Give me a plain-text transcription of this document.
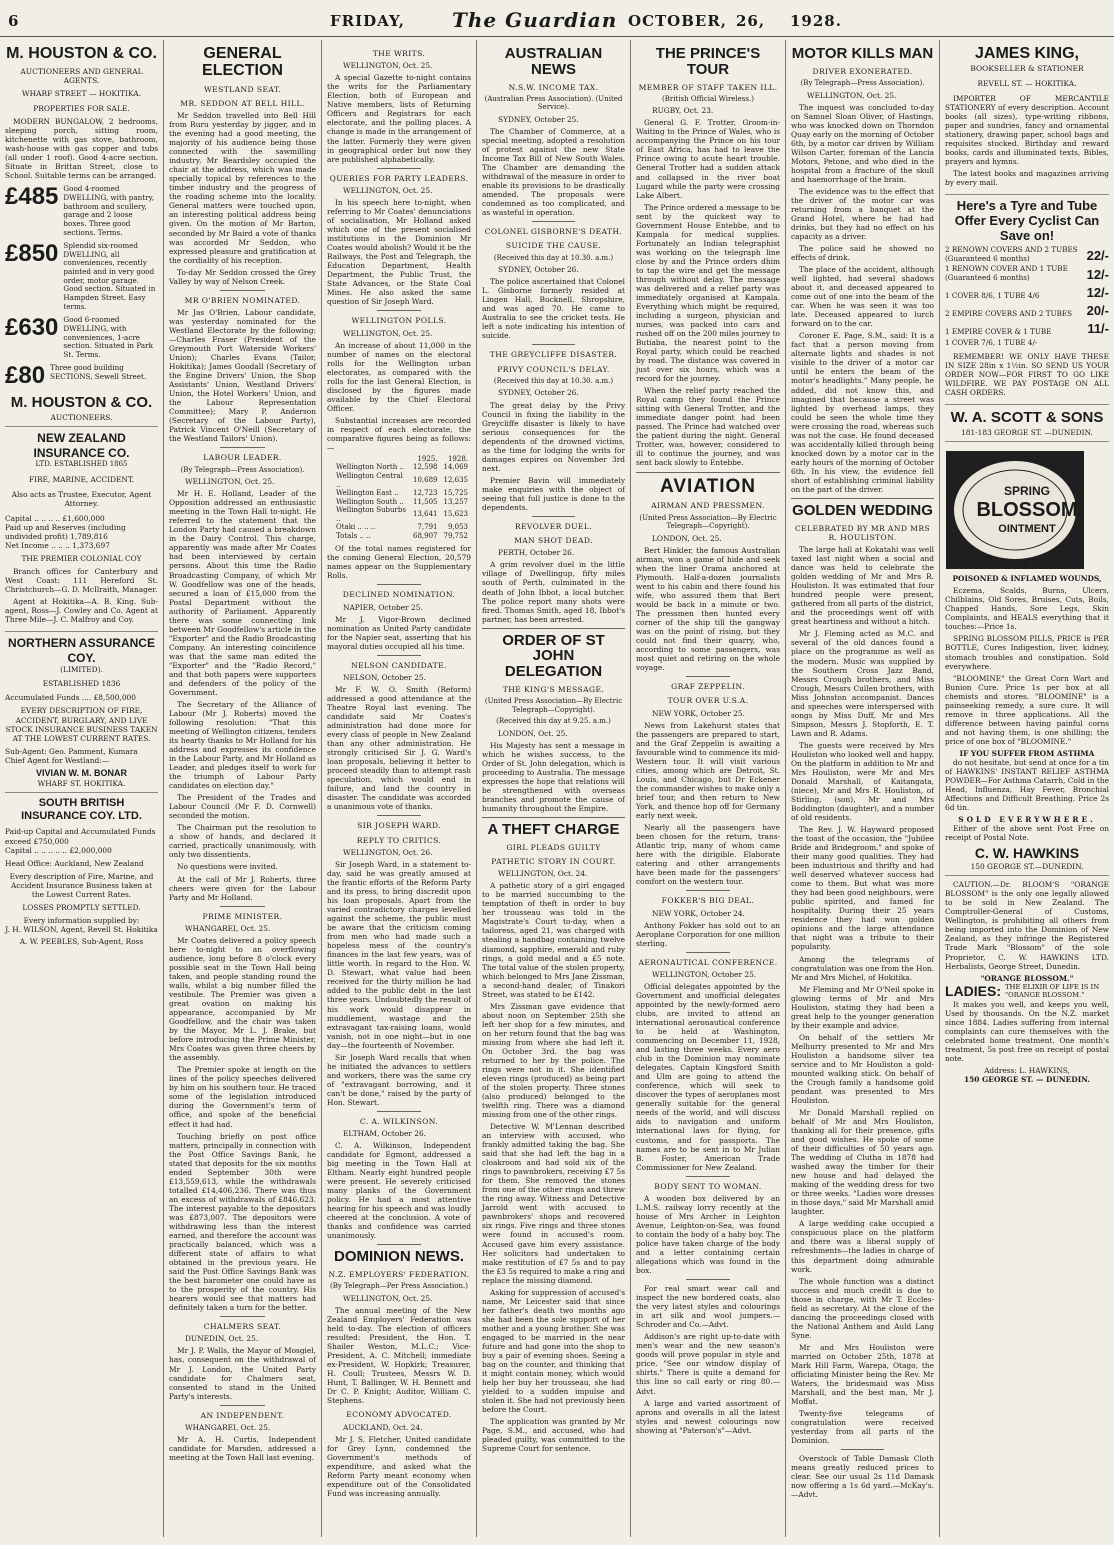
6	FRIDAY, The Guardian OCTOBER, 26, 1928.
M. HOUSTON & CO.
AUCTIONEERS AND GENERAL AGENTS.
WHARF STREET — HOKITIKA.
PROPERTIES FOR SALE.

MODERN BUNGALOW, 2 bedrooms, sleeping porch, sitting room, kitchenette with gas stove, bathroom, wash-house with gas copper and tubs (all under 1 roof). Good 4-acre section. Situate in Brittan Street, close to School. Suitable terms can be arranged.

£485 Good 4-roomed DWELLING, with pantry, bathroom and scullery, garage and 2 loose boxes. Three good sections. Terms.
£850 Splendid six-roomed DWELLING, all conveniences, recently painted and in very good order, motor garage. Good section. Situated in Hampden Street. Easy terms.
£630 Good 6-roomed DWELLING, with conveniences, 1-acre section. Situated in Park St. Terms.
£80 Three good building SECTIONS, Sewell Street.
M. HOUSTON & CO.
AUCTIONEERS.
NEW ZEALAND INSURANCE CO.
LTD. ESTABLISHED 1865
FIRE, MARINE, ACCIDENT.
Also acts as Trustee, Executor, Agent Attorney.
Capital .. .. .. .. £1,600,000
Paid up and Reserves (including undivided profit) 1,789,816
Net Income .. .. .. 1,373,697
THE PREMIER COLONIAL COY

Branch offices for Canterbury and West Coast: 111 Hereford St. Christchurch—G. D. McIlraith, Manager.

Agent at Hokitika—A. B. King. Sub-agent, Ross—J. Cowley and Co. Agent at Three Mile—J. C. Malfroy and Coy.

NORTHERN ASSURANCE COY.
(LIMITED).
ESTABLISHED 1836
Accumulated Funds .... £8,500,000
EVERY DESCRIPTION OF FIRE, ACCIDENT, BURGLARY, AND LIVE STOCK INSURANCE BUSINESS TAKEN AT THE LOWEST CURRENT RATES.
Sub-Agent: Geo. Pamment, Kumara
Chief Agent for Westland:—
VIVIAN W. M. BONAR
WHARF ST. HOKITIKA.
SOUTH BRITISH INSURANCE COY. LTD.
Paid-up Capital and Accumulated Funds exceed £750,000
Capital .. .. .. .. .. £2,000,000
Head Office: Auckland, New Zealand
Every description of Fire, Marine, and Accident Insurance Business taken at the Lowest Current Rates.
LOSSES PROMPTLY SETTLED.
Every information supplied by:
J. H. WILSON, Agent, Revell St. Hokitika
A. W. PEEBLES, Sub-Agent, Ross
GENERAL ELECTION
WESTLAND SEAT.
MR. SEDDON AT BELL HILL.

Mr Seddon travelled into Bell Hill from Ruru yesterday by jigger, and in the evening had a good meeting, the majority of his audience being those connected with the sawmilling industry. Mr Beardsley occupied the chair at the address, which was made specially topical by references to the timber industry and the progress of the roading scheme into the locality. General matters were touched upon, an interesting political address being given. On the motion of Mr Barton, seconded by Mr Baird a vote of thanks was accorded Mr Seddon, who expressed pleasure and gratification at the cordiality of his reception.

To-day Mr Seddon crossed the Grey Valley by way of Nelson Creek.

MR O'BRIEN NOMINATED.

Mr Jas O'Brien, Labour candidate, was yesterday nominated for the Westland Electorate by the following:—Charles Fraser (President of the Greymouth Port Waterside Workers' Union); Charles Evans (Tailor, Hokitika); James Goodall (Secretary of the Engine Drivers' Union, the Shop Assistants' Union, Westland Drivers' Union, the Hotel Workers' Union, and the Labour Representation Committee); Mary P. Anderson (Secretary of the Labour Party), Patrick Vincent O'Neill (Secretary of the Westland Tailors' Union).

LABOUR LEADER.
(By Telegraph—Press Association).

WELLINGTON, Oct. 25.

Mr H. E. Holland, Leader of the Opposition addressed an enthusiastic meeting in the Town Hall to-night. He referred to the statement that the London Party had caused a breakdown in the Dairy Control. This charge, apparently was made after Mr Coates had been interviewed by certain persons. About this time the Radio Broadcasting Company, of which Mr W. Goodfellow was one of the heads, secured a loan of £15,000 from the Postal Department without the authority of Parliament. Apparently there was some connecting link between Mr Goodfellow's article in the "Exporter" and the Radio Broadcasting Company. An interesting coincidence was that the same man edited the "Exporter" and the "Radio Record," and that both papers were supporters and defenders of the policy of the Government.

The Secretary of the Alliance of Labour (Mr J. Roberts) moved the following resolution: "That this meeting of Wellington citizens, tenders its hearty thanks to Mr Holland for his address and expresses its confidence in the Labour Party, and Mr Holland as Leader, and pledges itself to work for the triumph of Labour Party candidates on election day."

The President of the Trades and Labour Council (Mr F. D. Cornwell) seconded the motion.

The Chairman put the resolution to a show of hands, and declared it carried, practically unanimously, with only two dissentients.

No questions were invited.

At the call of Mr J. Roberts, three cheers were given for the Labour Party and Mr Holland.

PRIME MINISTER.

WHANGAREI, Oct. 25.

Mr Coates delivered a policy speech here to-night to an overflowing audience, long before 8 o'clock every possible seat in the Town Hall being taken, and people standing round the walls, whilst a big number filled the vestibule. The Premier was given a great ovation on making his appearance, accompanied by Mr Goodfellow, and the chair was taken by the Mayor, Mr L. J. Brake, but before introducing the Prime Minister, Mrs Coates was given three cheers by the assembly.

The Premier spoke at length on the lines of the policy speeches delivered by him on his southern tour. He traced some of the legislation introduced during the Government's term of office, and spoke of the beneficial effect it had had.

Touching briefly on post office matters, principally in connection with the Post Office Savings Bank, he stated that deposits for the six months ended September 30th were £13,559,613, while the withdrawals totalled £14,406,236. There was thus an excess of withdrawals of £846,623. The interest payable to the depositors was £873,007. The depositors were withdrawing less than the interest earned, and therefore the account was practically balanced, which was a different state of affairs to what obtained in the previous years. He said the Post Office Savings Bank was the best barometer one could have as to the prosperity of the country. His hearers would see that matters had definitely taken a turn for the better.

CHALMERS SEAT.

DUNEDIN, Oct. 25.

Mr J. P. Walls, the Mayor of Mosgiel, has, consequent on the withdrawal of Mr J. London, the United Party candidate for Chalmers seat, consented to stand in the United Party's interests.

AN INDEPENDENT.

WHANGAREI, Oct. 25.

Mr A. H. Curtis, Independent candidate for Marsden, addressed a meeting at the Town Hall last evening.

THE WRITS.

WELLINGTON, Oct. 25.

A special Gazette to-night contains the writs for the Parliamentary Election, both of European and Native members, lists of Returning Officers and Registrars for each electorate, and the polling places. A change is made in the arrangement of the latter. Formerly they were given in geographical order but now they are published alphabetically.

QUERIES FOR PARTY LEADERS.

WELLINGTON, Oct. 25.

In his speech here to-night, when referring to Mr Coates' denunciations of socialisation, Mr Holland asked which one of the present socialised institutions in the Dominion Mr Coates would abolish? Would it be the Railways, the Post and Telegraph, the Education Department, Health Department, the Public Trust, the State Advances, or the State Coal Mines. He also asked the same question of Sir Joseph Ward.

WELLINGTON POLLS.

WELLINGTON, Oct. 25.

An increase of about 11,000 in the number of names on the electoral rolls for the Wellington urban electorates, as compared with the rolls for the last General Election, is disclosed by the figures made available by the Chief Electoral Officer.

Substantial increases are recorded in respect of each electorate, the comparative figures being as follows:—

	1925.	1928.
Wellington North ..	12,598	14,069
Wellington Central ..	10,689	12,635
Wellington East ..	12,723	15,725
Wellington South ..	11,505	13,257
Wellington Suburbs ..	13,641	15,623
Otaki .. .. ..	7,791	9,053
Totals .. ..	68,907	79,752

Of the total names registered for the coming General Election, 20,579 names appear on the Supplementary Rolls.

DECLINED NOMINATION.

NAPIER, October 25.

Mr J. Vigor-Brown declined nomination as United Party candidate for the Napier seat, asserting that his mayoral duties occupied all his time.

NELSON CANDIDATE.

NELSON, October 25.

Mr F. W. O. Smith (Reform) addressed a good attendance at the Theatre Royal last evening. The candidate said Mr Coates's administration had done more for every class of people in New Zealand than any other administration. He strongly criticised Sir J. G. Ward's loan proposals, believing it better to proceed steadily than to attempt rash speculation, which would end in failure, and land the country in disaster. The candidate was accorded a unanimous vote of thanks.

SIR JOSEPH WARD.
REPLY TO CRITICS.

WELLINGTON, Oct. 26.

Sir Joseph Ward, in a statement to-day, said he was greatly amused at the frantic efforts of the Reform Party and its press, to bring discredit upon his loan proposals. Apart from the varied contradictory charges levelled against the scheme, the public must be aware that the criticism coming from men who had made such a hopeless mess of the country's finances in the last few years, was of little worth. In regard to the Hon. W. D. Stewart, what value had been received for the thirty million he had added to the public debt in the last three years. Undoubtedly the result of his work would disappear in muddlement, wastage and the extravagant tax-raising loans, would vanish, not in one night—but in one day—the fourteenth of November.

Sir Joseph Ward recalls that when he initiated the advances to settlers and workers, there was the same cry of "extravagant borrowing, and it can't be done," raised by the party of Hon. Stewart.

C. A. WILKINSON.

ELTHAM, October 26.

C. A. Wilkinson, Independent candidate for Egmont, addressed a big meeting in the Town Hall at Eltham. Nearly eight hundred people were present. He severely criticised many planks of the Government policy. He had a most attentive hearing for his speech and was loudly cheered at the conclusion. A vote of thanks and confidence was carried unanimously.

DOMINION NEWS.
N.Z. EMPLOYERS' FEDERATION.
(By Telegraph—Per Press Association.)

WELLINGTON, Oct. 25.

The annual meeting of the New Zealand Employers' Federation was held to-day. The election of officers resulted: President, the Hon. T. Shailer Weston, M.L.C.; Vice-President, A. C. Mitchell; immediate ex-President, W. Hopkirk; Treasurer, H. Coull; Trustees, Messrs W. D. Hunt, T. Ballinger, W. H. Bennett and Dr C. P. Knight; Auditor, William C. Stephens.

ECONOMY ADVOCATED.

AUCKLAND, Oct. 24.

Mr J. S. Fletcher, United candidate for Grey Lynn, condemned the Government's methods of expenditure, and asked what the Reform Party meant economy when expenditure out of the Consolidated Fund was increasing annually.

AUSTRALIAN NEWS
N.S.W. INCOME TAX.
(Australian Press Association). (United Service).

SYDNEY, October 25.

The Chamber of Commerce, at a special meeting, adopted a resolution of protest against the new State Income Tax Bill of New South Wales. The Chamber are demanding the withdrawal of the measure in order to enable its provisions to be drastically amended. The proposals were condemned as too complicated, and as wasteful in operation.

COLONEL GISBORNE'S DEATH.
SUICIDE THE CAUSE.
(Received this day at 10.30. a.m.)

SYDNEY, October 26.

The police ascertained that Colonel L. Gisborne formerly resided at Lingen Hall, Bucknell, Shropshire, and was aged 70. He came to Australia to see the cricket tests. He left a note indicating his intention of suicide.

THE GREYCLIFFE DISASTER.
PRIVY COUNCIL'S DELAY.
(Received this day at 10.30. a.m.)

SYDNEY, October 26.

The great delay by the Privy Council in fixing the liability in the Greycliffe disaster is likely to have serious consequences for the dependents of the drowned victims, as the time for lodging the writs for damages expires on November 3rd next.

Premier Bavin will immediately make enquiries with the object of seeing that full justice is done to the dependents.

REVOLVER DUEL.
MAN SHOT DEAD.

PERTH, October 26.

A grim revolver duel in the little village of Dwellingup, fifty miles south of Perth, culminated in the death of John Ibbot, a local butcher. The police report many shots were fired. Thomas Smith, aged 18, Ibbot's partner, has been arrested.

ORDER OF ST JOHN DELEGATION
THE KING'S MESSAGE.
(United Press Association—By Electric Telegraph—Copyright).
(Received this day at 9.25. a.m.)

LONDON, Oct. 25.

His Majesty has sent a message in which he wishes success, to the Order of St. John delegation, which is proceeding to Australia. The message expresses the hope that relations will be strengthened with overseas branches and promote the cause of humanity throughout the Empire.

A THEFT CHARGE
GIRL PLEADS GUILTY
PATHETIC STORY IN COURT.

WELLINGTON, Oct. 24.

A pathetic story of a girl engaged to be married succumbing to the temptation of theft in order to buy her trousseau was told in the Magistrate's Court to-day, when a tailoress, aged 21, was charged with stealing a handbag containing twelve diamond, sapphire, emerald and ruby rings, a gold medal and a £5 note. The total value of the stolen property, which belonged to Mrs Jane Zissman, a second-hand dealer, of Tinakori Street, was stated to be £142.

Mrs Zissman gave evidence that about noon on September 25th she left her shop for a few minutes, and on her return found that the bag was missing from where she had left it. On October 3rd. the bag was returned to her by the police. The rings were not in it. She identified eleven rings (produced) as being part of the stolen property. Three stones (also produced) belonged to the twelfth ring. There was a diamond missing from one of the other rings.

Detective W. M'Lennan described an interview with accused, who frankly admitted taking the bag. She said that she had left the bag in a cloakroom and had sold six of the rings to pawnbrokers, receiving £7 5s for them. She removed the stones from one of the other rings and threw the ring away. Witness and Detective Jarrold went with accused to pawnbrokers' shops and recovered six rings. Five rings and three stones were found in accused's room. Accused gave him every assistance. Her solicitors had undertaken to make restitution of £7 5s and to pay the £3 5s required to make a ring and replace the missing diamond.

Asking for suppression of accused's name, Mr Leicester said that since her father's death two months ago she had been the sole support of her mother and a young brother. She was engaged to be married in the near future and had gone into the shop to buy a pair of evening shoes. Seeing a bag on the counter, and thinking that it might contain money, which would help her buy her trousseau, she had yielded to a sudden impulse and stolen it. She had not previously been before the Court.

The application was granted by Mr Page, S.M., and accused, who had pleaded guilty, was committed to the Supreme Court for sentence.

THE PRINCE'S TOUR
MEMBER OF STAFF TAKEN ILL.
(British Official Wireless.)

RUGBY, Oct. 23.

General G. F. Trotter, Groom-in-Waiting to the Prince of Wales, who is accompanying the Prince on his tour of East Africa, has had to leave the Prince owing to acute heart trouble. General Trotter had a sudden attack and collapsed in the river boat Lugard while the party were crossing Lake Albert.

The Prince ordered a message to be sent by the quickest way to Government House Entebbe, and to Kampala for medical supplies. Fortunately an Indian telegraphist was working on the telegraph line close by and the Prince orders dhim to tap the wire and get the message through without delay. The message was delivered and a relief party was immediately organised at Kampala. Everything which might be required, including a surgeon, physician and nurses, was packed into cars and rushed off on the 200 miles journey to Butiaba, the nearest point to the Royal party, which could be reached by road. The distance was covered in just over six hours, which was a record for the journey.

When the relief party reached the Royal camp they found the Prince sitting with General Trotter, and the immediate danger point had been passed. The Prince had watched over the patient during the night. General Trotter, was, however, considered to ill to continue the journey, and was sent back slowly to Entebbe.

AVIATION
AIRMAN AND PRESSMEN.
(United Press Association—By Electric Telegraph—Copyright).

LONDON, Oct. 25.

Bert Hinkler, the famous Australian airman, won a game of hide and seek when the liner Orama anchored at Plymouth. Half-a-dozen journalists went to his cabin and there found his wife, who assured them that Bert would be back in a minute or two. The pressmen then hunted every corner of the ship till the gangway was on the point of rising, but they could not find their quarry, who, according to some passengers, was most quiet and retiring on the whole voyage.

GRAF ZEPPELIN.
TOUR OVER U.S.A.

NEW YORK, October 25.

News from Lakehurst states that the passengers are prepared to start, and the Graf Zeppelin is awaiting a favourable wind to commence its mid-Western tour. It will visit various cities, among which are Detroit, St. Louis, and Chicago, but Dr Eckener the commander wishes to make only a brief tour, and then return to New York, and thence hop off for Germany early next week.

Nearly all the passengers have been chosen for the return, trans-Atlantic trip, many of whom came here with the dirigible. Elaborate catering and other arrangements have been made for the passengers' comfort on the western tour.

FOKKER'S BIG DEAL.

NEW YORK, October 24.

Anthony Fokker has sold out to an Aeroplane Corporation for one million sterling.

AERONAUTICAL CONFERENCE.

WELLINGTON, October 25.

Official delegates appointed by the Government and unofficial delegates appointed by the newly-formed aero clubs, are invited to attend an international aeronautical conference to be held at Washington, commencing on December 11, 1928, and lasting three weeks. Every aero club in the Dominion may nominate delegates. Captain Kingsford Smith and Ulm are going to attend the conference, which will seek to discover the types of aeroplanes most generally suitable for the general needs of the world, and will discuss aids to navigation and uniform international laws for flying, for customs, and for passports. The names are to be sent in to Mr Julian B. Foster, American Trade Commissioner for New Zealand.

BODY SENT TO WOMAN.

A wooden box delivered by an L.M.S. railway lorry recently at the house of Mrs Archer in Leighton Avenue, Leighton-on-Sea, was found to contain the body of a baby boy. The police have taken charge of the body and a letter containing certain allegations which was found in the box.

For real smart wear call and inspect the new bordered coats, also the very latest styles and colourings in art silk and wool jumpers.—Schroder and Co.—Advt.

Addison's are right up-to-date with men's wear and the new season's goods will prove popular in style and price. "See our window display of shirts." There is quite a demand for this line so call early or ring 80.—Advt.

A large and varied assortment of aprons and overalls in all the latest styles and newest colourings now showing at "Paterson's"—Advt.

MOTOR KILLS MAN
DRIVER EXONERATED.
(By Telegraph—Press Association).

WELLINGTON, Oct. 25.

The inquest was concluded to-day on Samuel Sloan Oliver, of Hastings, who was knocked down on Thorndon Quay early on the morning of October 6th, by a motor car driven by William Wilson Carter, foreman of the Lancia Motors, Petone, and who died in the hospital from a fracture of the skull and haemorrhage of the brain.

The evidence was to the effect that the driver of the motor car was returning from a banquet at the Grand Hotel, where he had had drinks, but they had no effect on his capacity as a driver.

The police said he showed no effects of drink.

The place of the accident, although well lighted, had several shadows about it, and deceased appeared to come out of one into the beam of the car. When he was seen it was too late. Deceased appeared to lurch forward on to the car.

Coroner E. Page, S.M., said: It is a fact that a person moving from alternate lights and shades is not visible to the driver of a motor car until he enters the beam of the motor's headlights." Many people, he added, did not know this, and imagined that because a street was lighted by overhead lamps, they could be seen the whole time they were crossing the road, whereas such was not the case. He found deceased was accidentally killed through being knocked down by a motor car in the early hours of the morning of October 6th. In his view, the evidence fell short of establishing criminal liability on the part of the driver.

GOLDEN WEDDING
CELEBRATED BY MR AND MRS R. HOULISTON.

The large hall at Kokatahi was well taxed last night when a social and dance was held to celebrate the golden wedding of Mr and Mrs R. Houliston. It was estimated that four hundred people were present, gathered from all parts of the district, and the proceedings went off with great heartiness and without a hitch.

Mr J. Fleming acted as M.C. and several of the old dances found a place on the programme as well as the modern. Music was supplied by the Southern Cross Jazz Band, Messrs Crough brothers, and Miss Crough, Messrs Cullen brothers, with Miss Johnston accompanist. Dances and speeches were interspersed with songs by Miss Duff, Mr and Mrs Simpson, Messrs J. Stopforth, E. T. Lawn and R. Adams.

The guests were received by Mrs Houliston who looked well and happy. On the platform in addition to Mr and Mrs Houliston, were Mr and Mrs Donald Marshall, of Kaitangata, (niece), Mr and Mrs R. Houliston, of Stirling, (son), Mr and Mrs Boddington (daughter), and a number of old residents.

The Rev. J. W. Hayward proposed the toast of the occasion, the "Jubilee Bride and Bridegroom," and spoke of their many good qualities. They had been industrious and thrifty and had well deserved whatever success had come to them. But what was more they had been good neighbours, were public spirited, and famed for hospitality. During their 25 years residence they had won golden opinions and the large attendance that night was a tribute to their popularity.

Among the telegrams of congratulation was one from the Hon. Mr and Mrs Michel, of Hokitika.

Mr Fleming and Mr O'Neil spoke in glowing terms of Mr and Mrs Houliston, stating they had been a great help to the younger generation by their example and advice.

On behalf of the settlers Mr Melhurry presented to Mr and Mrs Houliston a handsome silver tea service and to Mr Houliston a gold-mounted walking stick. On behalf of the Crough family a handsome gold pendant was presented to Mrs Houliston.

Mr Donald Marshall replied on behalf of Mr and Mrs Houliston, thanking all for their presence, gifts and good wishes. He spoke of some of their difficulties of 50 years ago. The wedding of Clutha in 1878 had washed away the timber for their new house and had delayed the making of the wedding dress for two or three weeks. "Ladies wore dresses in those days," said Mr Marshall amid laughter.

A large wedding cake occupied a conspicuous place on the platform and there was a liberal supply of refreshments—the ladies in charge of this department doing admirable work.

The whole function was a distinct success and much credit is due to those in charge, with Mr T. Eccles-field as secretary. At the close of the dancing the proceedings closed with the National Anthem and Auld Lang Syne.

Mr and Mrs Houliston were married on October 25th, 1878 at Mark Hill Farm, Warepa, Otago, the officiating Minister being the Rev. Mr Waters, the bridesmaid was Miss Marshall, and the best man, Mr J. Moffat.

Twenty-five telegrams of congratulation were received yesterday from all parts of the Dominion.

Overstock of Table Damask Cloth means greatly reduced prices to clear. See our usual 2s 11d Damask now offering a 1s 6d yard.—McKay's.—Advt.

JAMES KING,
BOOKSELLER & STATIONER
REVELL ST. — HOKITIKA.

IMPORTER OF MERCANTILE STATIONERY of every description. Account books (all sizes), type-writing ribbons, paper and sundries, fancy and ornamental stationery, drawing paper, school bags and requisites stocked. Birthday and reward books, cards and illuminated texts, Bibles, prayers and hymns.

The latest books and magazines arriving by every mail.

Here's a Tyre and Tube Offer Every Cyclist Can Save on!
2 RENOWN COVERS AND 2 TUBES (Guaranteed 6 months)	22/-
1 RENOWN COVER AND 1 TUBE (Guaranteed 6 months)	12/-
1 COVER 8/6, 1 TUBE 4/6	12/-
2 EMPIRE COVERS AND 2 TUBES 20/-
1 EMPIRE COVER & 1 TUBE	11/-
1 COVER 7/6, 1 TUBE 4/-

REMEMBER! WE ONLY HAVE THESE IN SIZE 28in x 1½in. SO SEND US YOUR ORDER NOW—FOR FIRST TO GO LIKE WILDFIRE. WE PAY POSTAGE ON ALL CASH ORDERS.

W. A. SCOTT & SONS
181-183 GEORGE ST. —DUNEDIN.
SPRING
BLOSSOM
OINTMENT
CURES
POISONED & INFLAMED WOUNDS,

Eczema, Scalds, Burns, Ulcers, Chilblains, Old Sores, Bruises, Cuts, Boils, Chapped Hands, Sore Legs, Skin Complaints, and HEALS everything that it touches:—Price 1s.

SPRING BLOSSOM PILLS, PRICE is PER BOTTLE, Cures Indigestion, liver, kidney, stomach troubles and constipation. Sold everywhere.

"BLOOMINE" the Great Corn Wart and Bunion Cure. Price 1s per box at all chemists and stores. "BLOOMINE" is a painseeking remedy, a sure cure. It will remove in three applications. All the difference between having painful corns and not having them, is one shilling; the price of one box of "BLOOMINE."

IF YOU SUFFER FROM ASTHMA

do not hesitate, but send at once for a tin of HAWKINS' INSTANT RELIEF ASTHMA POWDER—For Asthma Catarrh, Cold in the Head, Influenza, Hay Fever, Bronchial Affections and Difficult Breathing. Price 2s 6d tin.

SOLD EVERYWHERE.

Either of the above sent Post Free on receipt of Postal Note.

C. W. HAWKINS
150 GEORGE ST.—DUNEDIN.

CAUTION.—Dr. BLOOM'S "ORANGE BLOSSOM" is the only one legally allowed to be sold in New Zealand. The Comptroller-General of Customs, Wellington, is prohibiting all others from being imported into the Dominion of New Zealand, as they infringe the Registered Trade Mark "Blossom" of the sole Proprietor, C. W. HAWKINS LTD. Herbalists, George Street, Dunedin.

"ORANGE BLOSSOM."
LADIES: THE ELIXIR OF LIFE IS IN "ORANGE BLOSSOM."

It makes you well, and keeps you well, Used by thousands. On the N.Z. market since 1884. Ladies suffering from internal complaints can cure themselves with the celebrated home treatment. One month's treatment, 5s post free on receipt of postal note.

Address: L. HAWKINS,
150 GEORGE ST. — DUNEDIN.
